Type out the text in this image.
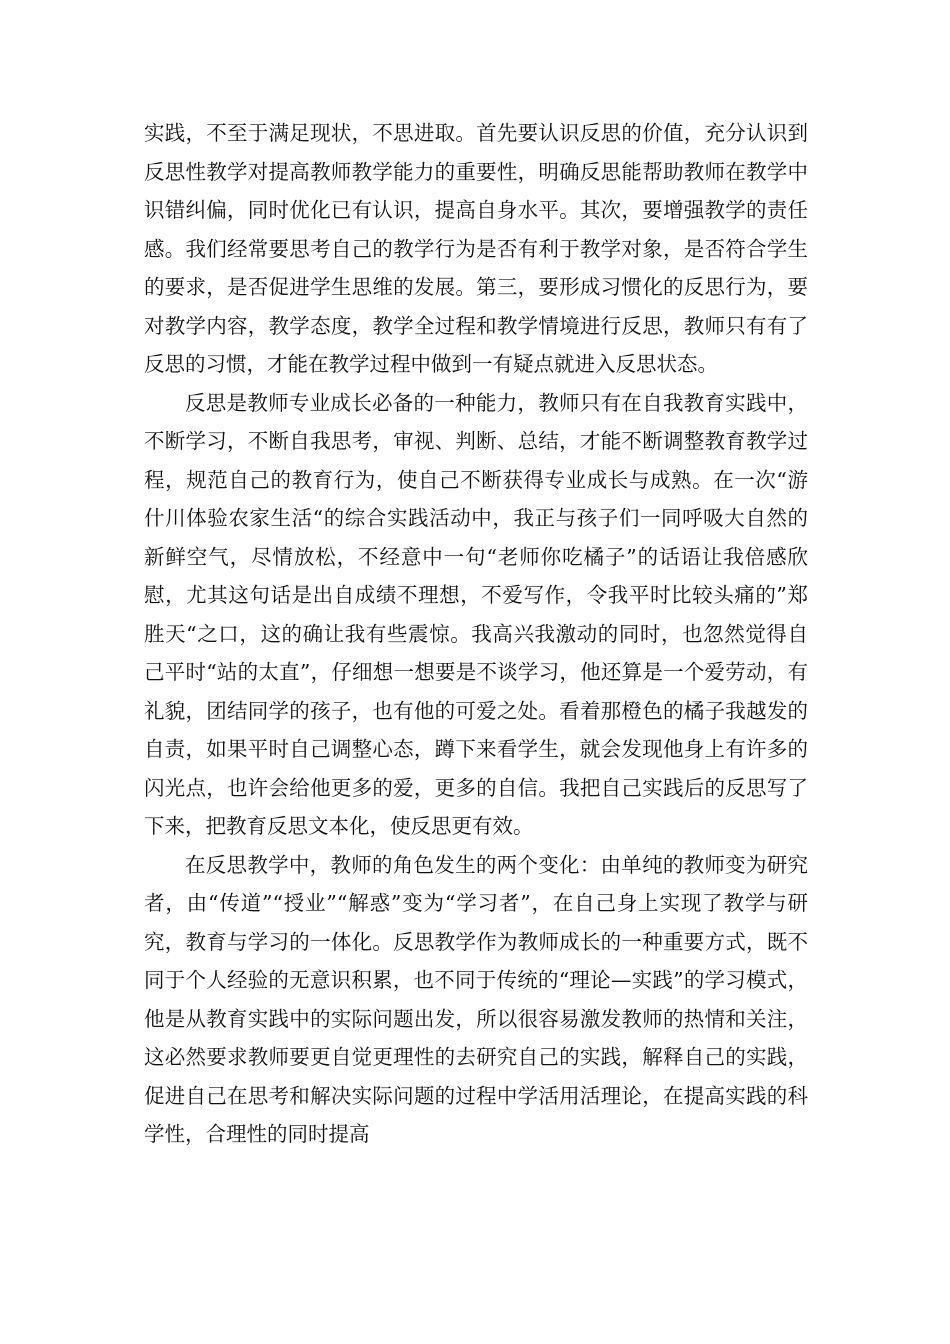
实践，不至于满足现状，不思进取。首先要认识反思的价值，充分认识到反思性教学对提高教师教学能力的重要性，明确反思能帮助教师在教学中识错纠偏，同时优化已有认识，提高自身水平。其次，要增强教学的责任感。我们经常要思考自己的教学行为是否有利于教学对象，是否符合学生的要求，是否促进学生思维的发展。第三，要形成习惯化的反思行为，要对教学内容，教学态度，教学全过程和教学情境进行反思，教师只有有了反思的习惯，才能在教学过程中做到一有疑点就进入反思状态。

反思是教师专业成长必备的一种能力，教师只有在自我教育实践中，不断学习，不断自我思考，审视、判断、总结，才能不断调整教育教学过程，规范自己的教育行为，使自己不断获得专业成长与成熟。在一次“游什川体验农家生活“的综合实践活动中，我正与孩子们一同呼吸大自然的新鲜空气，尽情放松，不经意中一句“老师你吃橘子”的话语让我倍感欣慰，尤其这句话是出自成绩不理想，不爱写作，令我平时比较头痛的”郑胜天“之口，这的确让我有些震惊。我高兴我激动的同时，也忽然觉得自己平时“站的太直”，仔细想一想要是不谈学习，他还算是一个爱劳动，有礼貌，团结同学的孩子，也有他的可爱之处。看着那橙色的橘子我越发的自责，如果平时自己调整心态，蹲下来看学生，就会发现他身上有许多的闪光点，也许会给他更多的爱，更多的自信。我把自己实践后的反思写了下来，把教育反思文本化，使反思更有效。

在反思教学中，教师的角色发生的两个变化：由单纯的教师变为研究者，由“传道”“授业”“解惑”变为“学习者”，在自己身上实现了教学与研究，教育与学习的一体化。反思教学作为教师成长的一种重要方式，既不同于个人经验的无意识积累，也不同于传统的“理论—实践”的学习模式，他是从教育实践中的实际问题出发，所以很容易激发教师的热情和关注，这必然要求教师要更自觉更理性的去研究自己的实践，解释自己的实践，促进自己在思考和解决实际问题的过程中学活用活理论，在提高实践的科学性，合理性的同时提高
